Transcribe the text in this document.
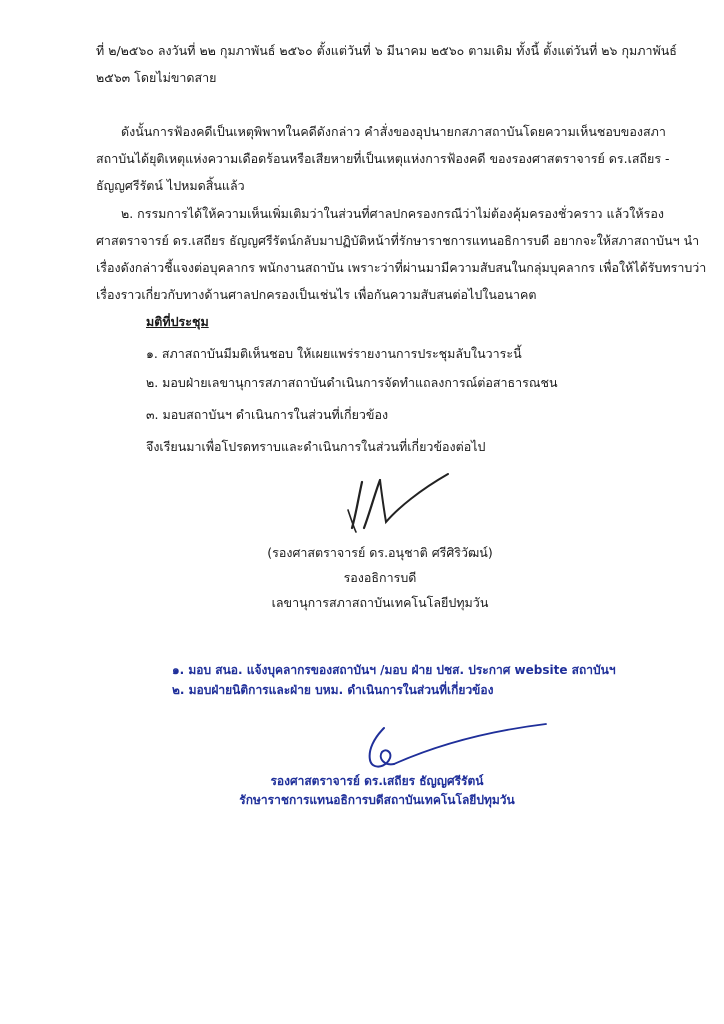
ที่ ๒/๒๕๖๐ ลงวันที่ ๒๒ กุมภาพันธ์ ๒๕๖๐ ตั้งแต่วันที่ ๖ มีนาคม ๒๕๖๐ ตามเดิม ทั้งนี้ ตั้งแต่วันที่ ๒๖ กุมภาพันธ์
๒๕๖๓ โดยไม่ขาดสาย

ดังนั้นการฟ้องคดีเป็นเหตุพิพาทในคดีดังกล่าว คำสั่งของอุปนายกสภาสถาบันโดยความเห็นชอบของสภา
สถาบันได้ยุติเหตุแห่งความเดือดร้อนหรือเสียหายที่เป็นเหตุแห่งการฟ้องคดี ของรองศาสตราจารย์ ดร.เสถียร -
ธัญญศรีรัตน์ ไปหมดสิ้นแล้ว

๒. กรรมการได้ให้ความเห็นเพิ่มเติมว่าในส่วนที่ศาลปกครองกรณีว่าไม่ต้องคุ้มครองชั่วคราว แล้วให้รอง
ศาสตราจารย์ ดร.เสถียร ธัญญศรีรัตน์กลับมาปฏิบัติหน้าที่รักษาราชการแทนอธิการบดี อยากจะให้สภาสถาบันฯ นำ
เรื่องดังกล่าวชี้แจงต่อบุคลากร พนักงานสถาบัน เพราะว่าที่ผ่านมามีความสับสนในกลุ่มบุคลากร เพื่อให้ได้รับทราบว่า
เรื่องราวเกี่ยวกับทางด้านศาลปกครองเป็นเช่นไร เพื่อกันความสับสนต่อไปในอนาคต

มติที่ประชุม

๑. สภาสถาบันมีมติเห็นชอบ ให้เผยแพร่รายงานการประชุมลับในวาระนี้

๒. มอบฝ่ายเลขานุการสภาสถาบันดำเนินการจัดทำแถลงการณ์ต่อสาธารณชน

๓. มอบสถาบันฯ ดำเนินการในส่วนที่เกี่ยวข้อง

จึงเรียนมาเพื่อโปรดทราบและดำเนินการในส่วนที่เกี่ยวข้องต่อไป

(รองศาสตราจารย์ ดร.อนุชาติ ศรีศิริวัฒน์)
รองอธิการบดี
เลขานุการสภาสถาบันเทคโนโลยีปทุมวัน
๑. มอบ สนอ. แจ้งบุคลากรของสถาบันฯ /มอบ ฝ่าย ปชส. ประกาศ website สถาบันฯ
๒. มอบฝ่ายนิติการและฝ่าย บหม. ดำเนินการในส่วนที่เกี่ยวข้อง
รองศาสตราจารย์ ดร.เสถียร ธัญญศรีรัตน์
รักษาราชการแทนอธิการบดีสถาบันเทคโนโลยีปทุมวัน
